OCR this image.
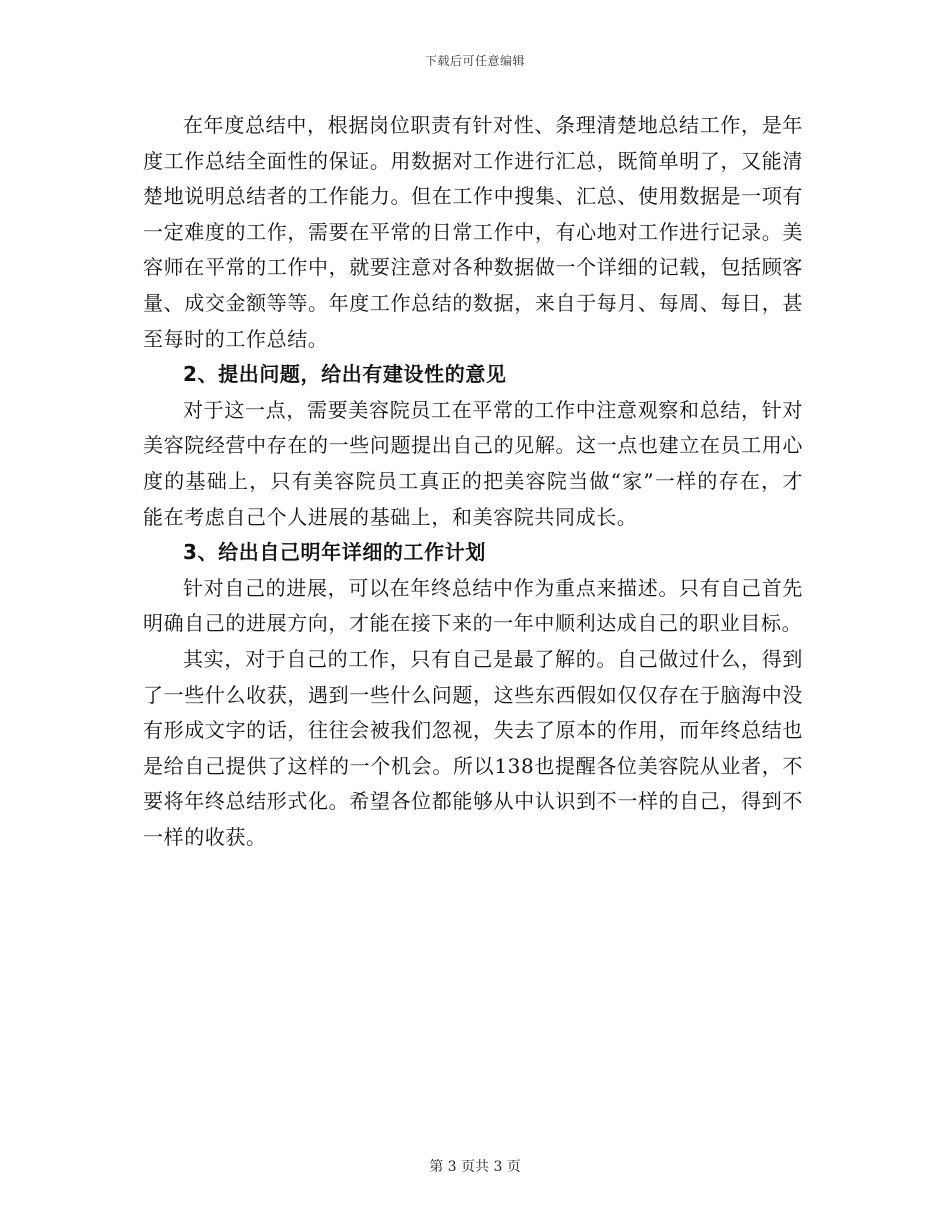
下载后可任意编辑

在年度总结中，根据岗位职责有针对性、条理清楚地总结工作，是年度工作总结全面性的保证。用数据对工作进行汇总，既简单明了，又能清楚地说明总结者的工作能力。但在工作中搜集、汇总、使用数据是一项有一定难度的工作，需要在平常的日常工作中，有心地对工作进行记录。美容师在平常的工作中，就要注意对各种数据做一个详细的记载，包括顾客量、成交金额等等。年度工作总结的数据，来自于每月、每周、每日，甚至每时的工作总结。

2、提出问题，给出有建设性的意见

对于这一点，需要美容院员工在平常的工作中注意观察和总结，针对美容院经营中存在的一些问题提出自己的见解。这一点也建立在员工用心度的基础上，只有美容院员工真正的把美容院当做“家”一样的存在，才能在考虑自己个人进展的基础上，和美容院共同成长。

3、给出自己明年详细的工作计划

针对自己的进展，可以在年终总结中作为重点来描述。只有自己首先明确自己的进展方向，才能在接下来的一年中顺利达成自己的职业目标。

其实，对于自己的工作，只有自己是最了解的。自己做过什么，得到了一些什么收获，遇到一些什么问题，这些东西假如仅仅存在于脑海中没有形成文字的话，往往会被我们忽视，失去了原本的作用，而年终总结也是给自己提供了这样的一个机会。所以138也提醒各位美容院从业者，不要将年终总结形式化。希望各位都能够从中认识到不一样的自己，得到不一样的收获。

第 3 页共 3 页
